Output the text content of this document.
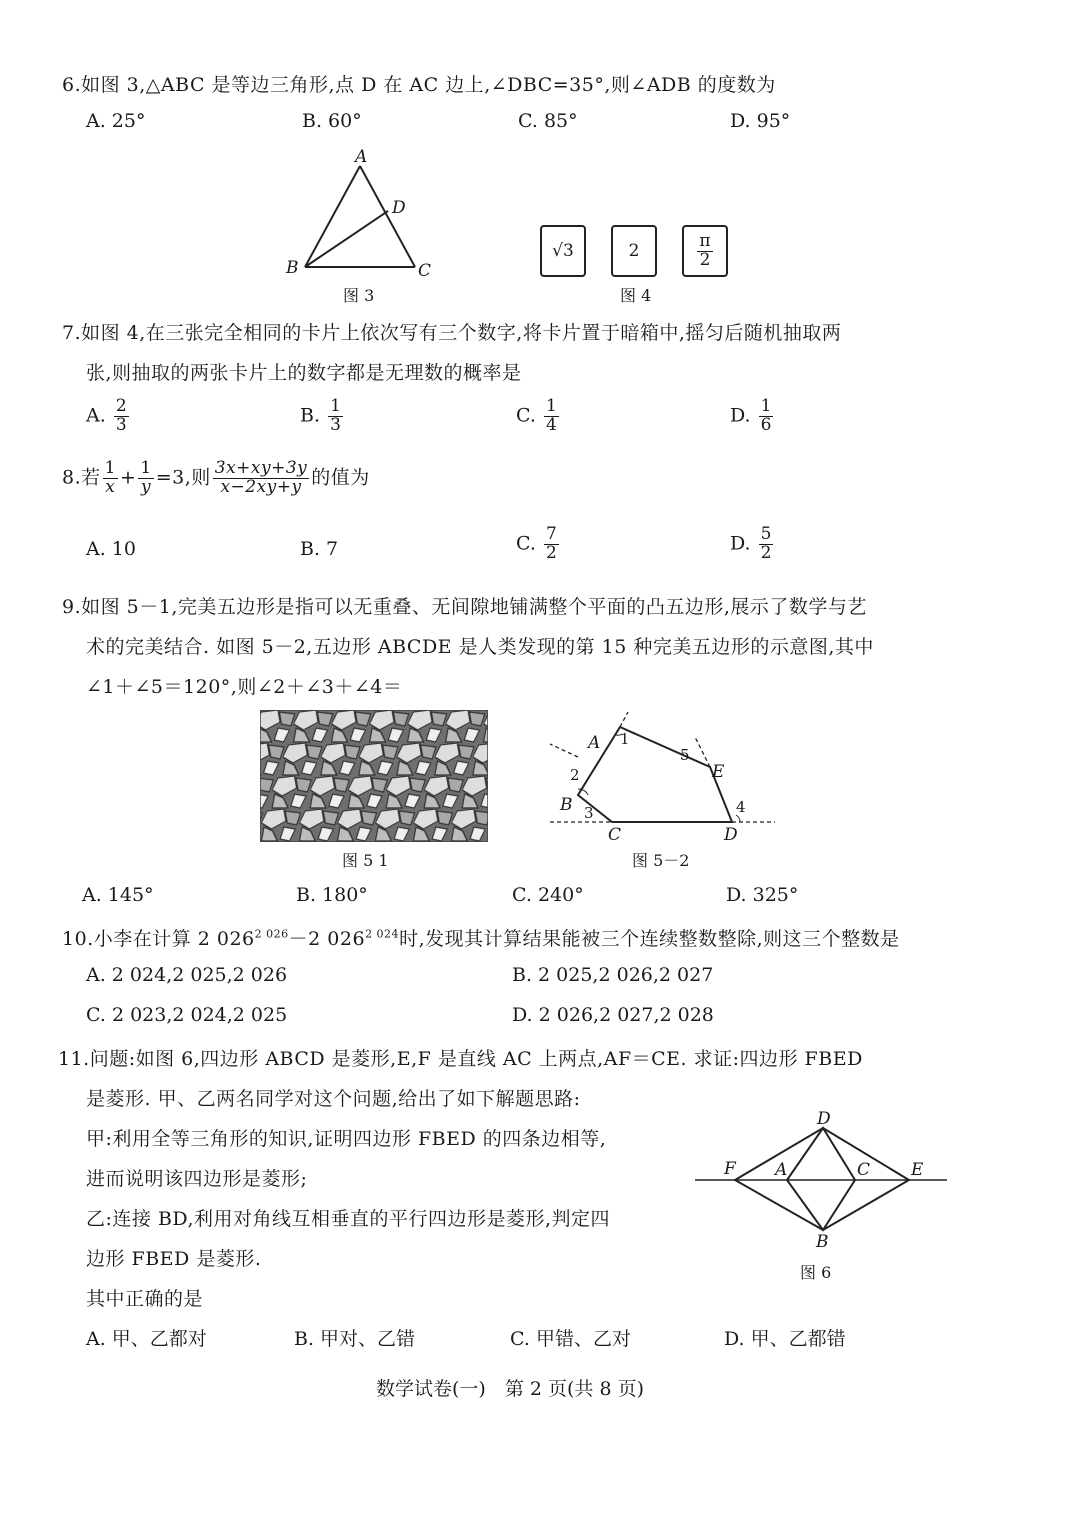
6.如图 3,△ABC 是等边三角形,点 D 在 AC 边上,∠DBC=35°,则∠ADB 的度数为
A. 25°	B. 60°	C. 85°	D. 95°
A
B	C
D
图 3
√3	2	$\frac{\pi}{2}$
图 4
7.如图 4,在三张完全相同的卡片上依次写有三个数字,将卡片置于暗箱中,摇匀后随机抽取两
张,则抽取的两张卡片上的数字都是无理数的概率是
A. $\frac{2}{3}$	B. $\frac{1}{3}$	C. $\frac{1}{4}$	D. $\frac{1}{6}$
8.若 $\frac{1}{x} + \frac{1}{y} =3$,则 $\frac{3x+xy+3y}{x-2xy+y}$ 的值为
A. 10	B. 7	C. $\frac{7}{2}$	D. $\frac{5}{2}$
9.如图 5－1,完美五边形是指可以无重叠、无间隙地铺满整个平面的凸五边形,展示了数学与艺
术的完美结合. 如图 5－2,五边形 ABCDE 是人类发现的第 15 种完美五边形的示意图,其中
∠1＋∠5＝120°,则∠2＋∠3＋∠4＝
图 5 1
A
B
C	D
E
1
2
3	4
5
图 5－2
A. 145°	B. 180°	C. 240°	D. 325°
10.小李在计算 2 $026^{2 026}-2$ $026^{2 024}$时,发现其计算结果能被三个连续整数整除,则这三个整数是
A. 2 024,2 025,2 026	B. 2 025,2 026,2 027
C. 2 023,2 024,2 025	D. 2 026,2 027,2 028
11.问题:如图 6,四边形 ABCD 是菱形,E,F 是直线 AC 上两点,AF＝CE. 求证:四边形 FBED
是菱形. 甲、乙两名同学对这个问题,给出了如下解题思路:
甲:利用全等三角形的知识,证明四边形 FBED 的四条边相等,
进而说明该四边形是菱形;
乙:连接 BD,利用对角线互相垂直的平行四边形是菱形,判定四
边形 FBED 是菱形.
其中正确的是
D
F A	C E
B
图 6
A. 甲、乙都对	B. 甲对、乙错	C. 甲错、乙对	D. 甲、乙都错
数学试卷(一)　第 2 页(共 8 页)
